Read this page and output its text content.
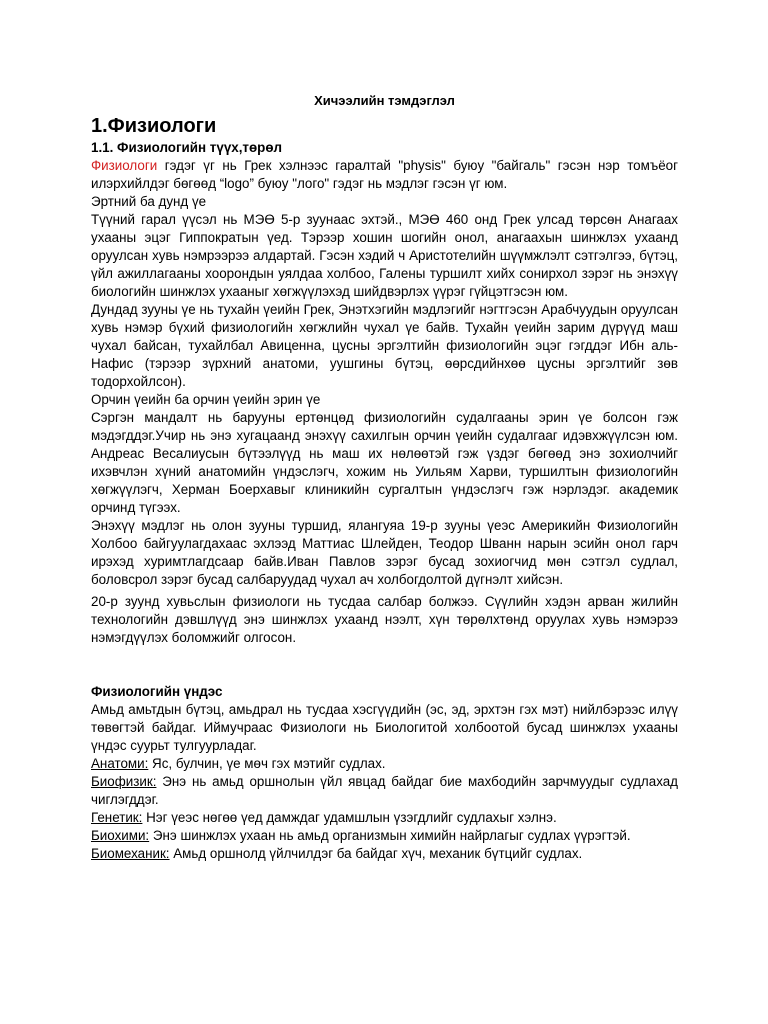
Хичээлийн тэмдэглэл
1.Физиологи
1.1. Физиологийн түүх,төрөл

Физиологи гэдэг үг нь Грек хэлнээс гаралтай "physis" буюу "байгаль" гэсэн нэр томъёог илэрхийлдэг бөгөөд “logo” буюу "лого" гэдэг нь мэдлэг гэсэн үг юм.

Эртний ба дунд үе

Түүний гарал үүсэл нь МЭӨ 5-р зуунаас эхтэй., МЭӨ 460 онд Грек улсад төрсөн Анагаах ухааны эцэг Гиппократын үед. Тэрээр хошин шогийн онол, анагаахын шинжлэх ухаанд оруулсан хувь нэмрээрээ алдартай. Гэсэн хэдий ч Аристотелийн шүүмжлэлт сэтгэлгээ, бүтэц, үйл ажиллагааны хоорондын уялдаа холбоо, Галены туршилт хийх сонирхол зэрэг нь энэхүү биологийн шинжлэх ухааныг хөгжүүлэхэд шийдвэрлэх үүрэг гүйцэтгэсэн юм.

Дундад зууны үе нь тухайн үеийн Грек, Энэтхэгийн мэдлэгийг нэгтгэсэн Арабчуудын оруулсан хувь нэмэр бүхий физиологийн хөгжлийн чухал үе байв. Тухайн үеийн зарим дүрүүд маш чухал байсан, тухайлбал Авиценна, цусны эргэлтийн физиологийн эцэг гэгддэг Ибн аль-Нафис (тэрээр зүрхний анатоми, уушгины бүтэц, өөрсдийнхөө цусны эргэлтийг зөв тодорхойлсон).

Орчин үеийн ба орчин үеийн эрин үе

Сэргэн мандалт нь барууны ертөнцөд физиологийн судалгааны эрин үе болсон гэж мэдэгддэг.Учир нь энэ хугацаанд энэхүү сахилгын орчин үеийн судалгааг идэвхжүүлсэн юм. Андреас Весалиусын бүтээлүүд нь маш их нөлөөтэй гэж үздэг бөгөөд энэ зохиолчийг ихэвчлэн хүний анатомийн үндэслэгч, хожим нь Уильям Харви, туршилтын физиологийн хөгжүүлэгч, Херман Боерхавыг клиникийн сургалтын үндэслэгч гэж нэрлэдэг. академик орчинд түгээх.

Энэхүү мэдлэг нь олон зууны туршид, ялангуяа 19-р зууны үеэс Америкийн Физиологийн Холбоо байгуулагдахаас эхлээд Маттиас Шлейден, Теодор Шванн нарын эсийн онол гарч ирэхэд хуримтлагдсаар байв.Иван Павлов зэрэг бусад зохиогчид мөн сэтгэл судлал, боловсрол зэрэг бусад салбаруудад чухал ач холбогдолтой дүгнэлт хийсэн.

20-р зуунд хувьслын физиологи нь тусдаа салбар болжээ. Сүүлийн хэдэн арван жилийн технологийн дэвшлүүд энэ шинжлэх ухаанд нээлт, хүн төрөлхтөнд оруулах хувь нэмэрээ нэмэгдүүлэх боломжийг олгосон.

Физиологийн үндэс

Амьд амьтдын бүтэц, амьдрал нь тусдаа хэсгүүдийн (эс, эд, эрхтэн гэх мэт) нийлбэрээс илүү төвөгтэй байдаг. Иймучраас Физиологи нь Биологитой холбоотой бусад шинжлэх ухааны үндэс суурьт тулгуурладаг.

Анатоми: Яс, булчин, үе мөч гэх мэтийг судлах.

Биофизик: Энэ нь амьд оршнолын үйл явцад байдаг бие махбодийн зарчмуудыг судлахад чиглэгддэг.

Генетик: Нэг үеэс нөгөө үед дамждаг удамшлын үзэгдлийг судлахыг хэлнэ.

Биохими: Энэ шинжлэх ухаан нь амьд организмын химийн найрлагыг судлах үүрэгтэй.

Биомеханик: Амьд оршнолд үйлчилдэг ба байдаг хүч, механик бүтцийг судлах.
